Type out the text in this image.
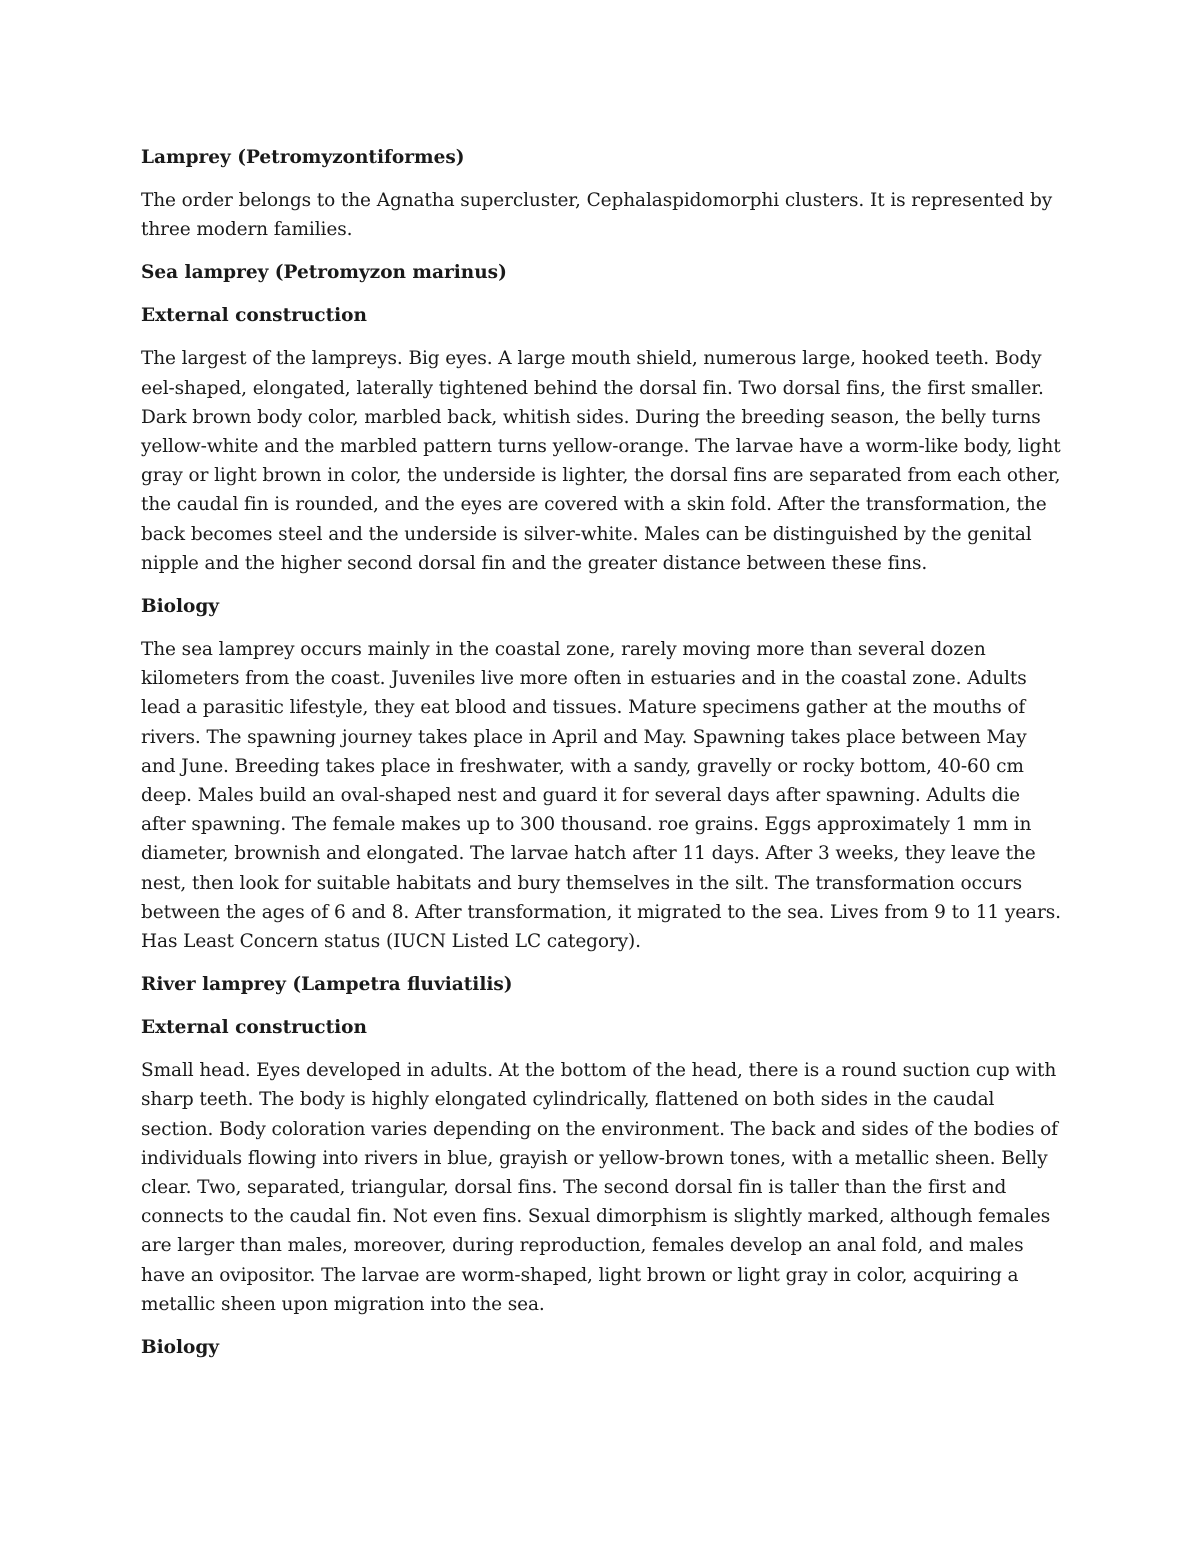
Lamprey (Petromyzontiformes)
The order belongs to the Agnatha supercluster, Cephalaspidomorphi clusters. It is represented by three modern families.
Sea lamprey (Petromyzon marinus)
External construction
The largest of the lampreys. Big eyes. A large mouth shield, numerous large, hooked teeth. Body eel-shaped, elongated, laterally tightened behind the dorsal fin. Two dorsal fins, the first smaller. Dark brown body color, marbled back, whitish sides. During the breeding season, the belly turns yellow-white and the marbled pattern turns yellow-orange. The larvae have a worm-like body, light gray or light brown in color, the underside is lighter, the dorsal fins are separated from each other, the caudal fin is rounded, and the eyes are covered with a skin fold. After the transformation, the back becomes steel and the underside is silver-white. Males can be distinguished by the genital nipple and the higher second dorsal fin and the greater distance between these fins.
Biology
The sea lamprey occurs mainly in the coastal zone, rarely moving more than several dozen kilometers from the coast. Juveniles live more often in estuaries and in the coastal zone. Adults lead a parasitic lifestyle, they eat blood and tissues. Mature specimens gather at the mouths of rivers. The spawning journey takes place in April and May. Spawning takes place between May and June. Breeding takes place in freshwater, with a sandy, gravelly or rocky bottom, 40-60 cm deep. Males build an oval-shaped nest and guard it for several days after spawning. Adults die after spawning. The female makes up to 300 thousand. roe grains. Eggs approximately 1 mm in diameter, brownish and elongated. The larvae hatch after 11 days. After 3 weeks, they leave the nest, then look for suitable habitats and bury themselves in the silt. The transformation occurs between the ages of 6 and 8. After transformation, it migrated to the sea. Lives from 9 to 11 years. Has Least Concern status (IUCN Listed LC category).
River lamprey (Lampetra fluviatilis)
External construction
Small head. Eyes developed in adults. At the bottom of the head, there is a round suction cup with sharp teeth. The body is highly elongated cylindrically, flattened on both sides in the caudal section. Body coloration varies depending on the environment. The back and sides of the bodies of individuals flowing into rivers in blue, grayish or yellow-brown tones, with a metallic sheen. Belly clear. Two, separated, triangular, dorsal fins. The second dorsal fin is taller than the first and connects to the caudal fin. Not even fins. Sexual dimorphism is slightly marked, although females are larger than males, moreover, during reproduction, females develop an anal fold, and males have an ovipositor. The larvae are worm-shaped, light brown or light gray in color, acquiring a metallic sheen upon migration into the sea.
Biology
